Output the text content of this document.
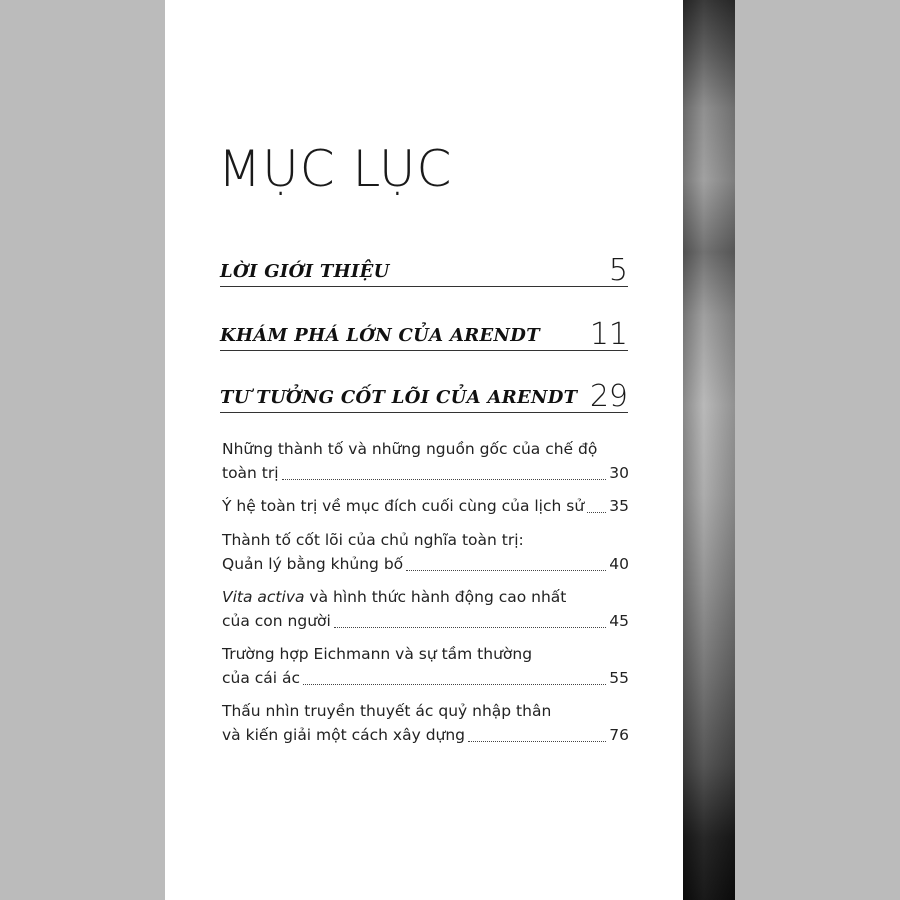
MỤC LỤC
LỜI GIỚI THIỆU	5
KHÁM PHÁ LỚN CỦA ARENDT 11
TƯ TƯỞNG CỐT LÕI CỦA ARENDT 29
Những thành tố và những nguồn gốc của chế độ
toàn trị	30
Ý hệ toàn trị về mục đích cuối cùng của lịch sử 35
Thành tố cốt lõi của chủ nghĩa toàn trị:
Quản lý bằng khủng bố	40
Vita activa và hình thức hành động cao nhất
của con người	45
Trường hợp Eichmann và sự tầm thường
của cái ác	55
Thấu nhìn truyền thuyết ác quỷ nhập thân
và kiến giải một cách xây dựng	76
